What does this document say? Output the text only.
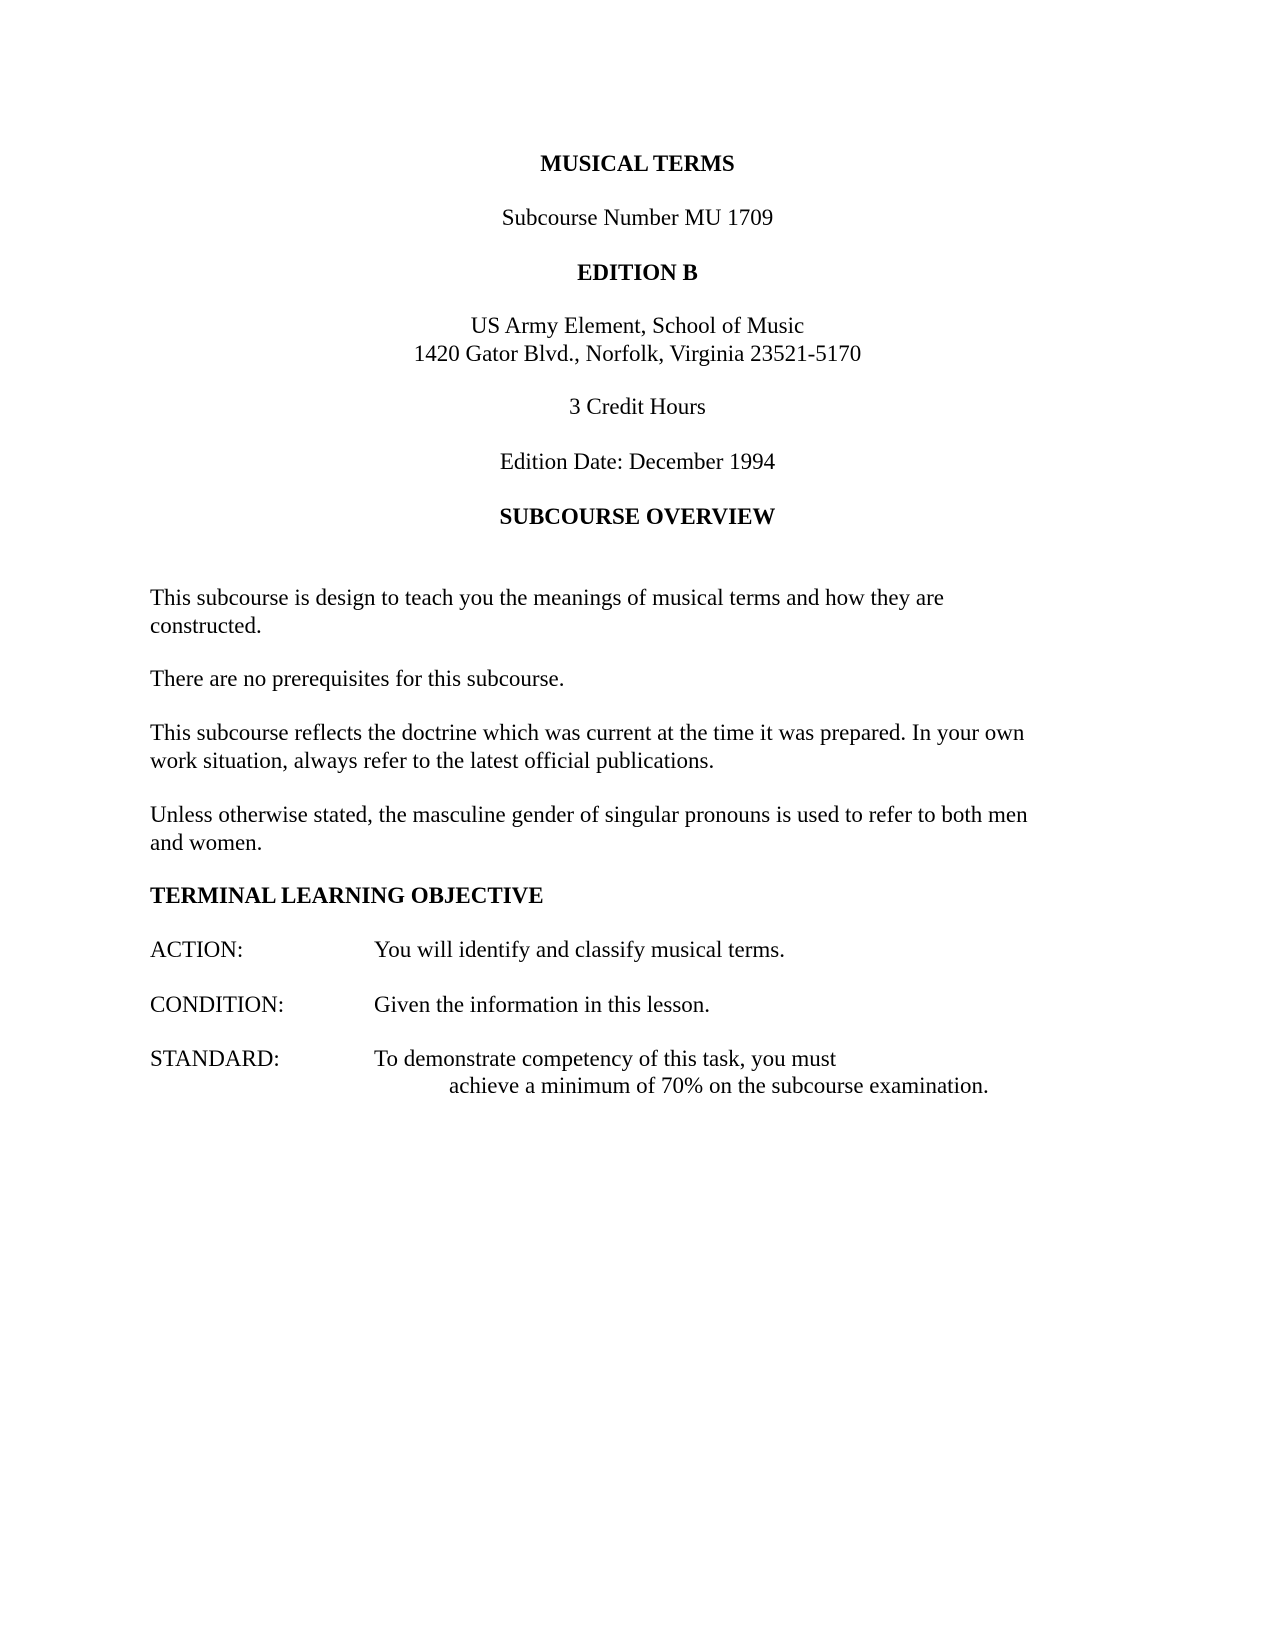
MUSICAL TERMS
Subcourse Number MU 1709
EDITION B
US Army Element, School of Music
1420 Gator Blvd., Norfolk, Virginia 23521-5170
3 Credit Hours
Edition Date: December 1994
SUBCOURSE OVERVIEW

This subcourse is design to teach you the meanings of musical terms and how they are

constructed.

There are no prerequisites for this subcourse.

This subcourse reflects the doctrine which was current at the time it was prepared. In your own

work situation, always refer to the latest official publications.

Unless otherwise stated, the masculine gender of singular pronouns is used to refer to both men

and women.

TERMINAL LEARNING OBJECTIVE
ACTION:	You will identify and classify musical terms.
CONDITION:	Given the information in this lesson.
STANDARD:	To demonstrate competency of this task, you must
achieve a minimum of 70% on the subcourse examination.
